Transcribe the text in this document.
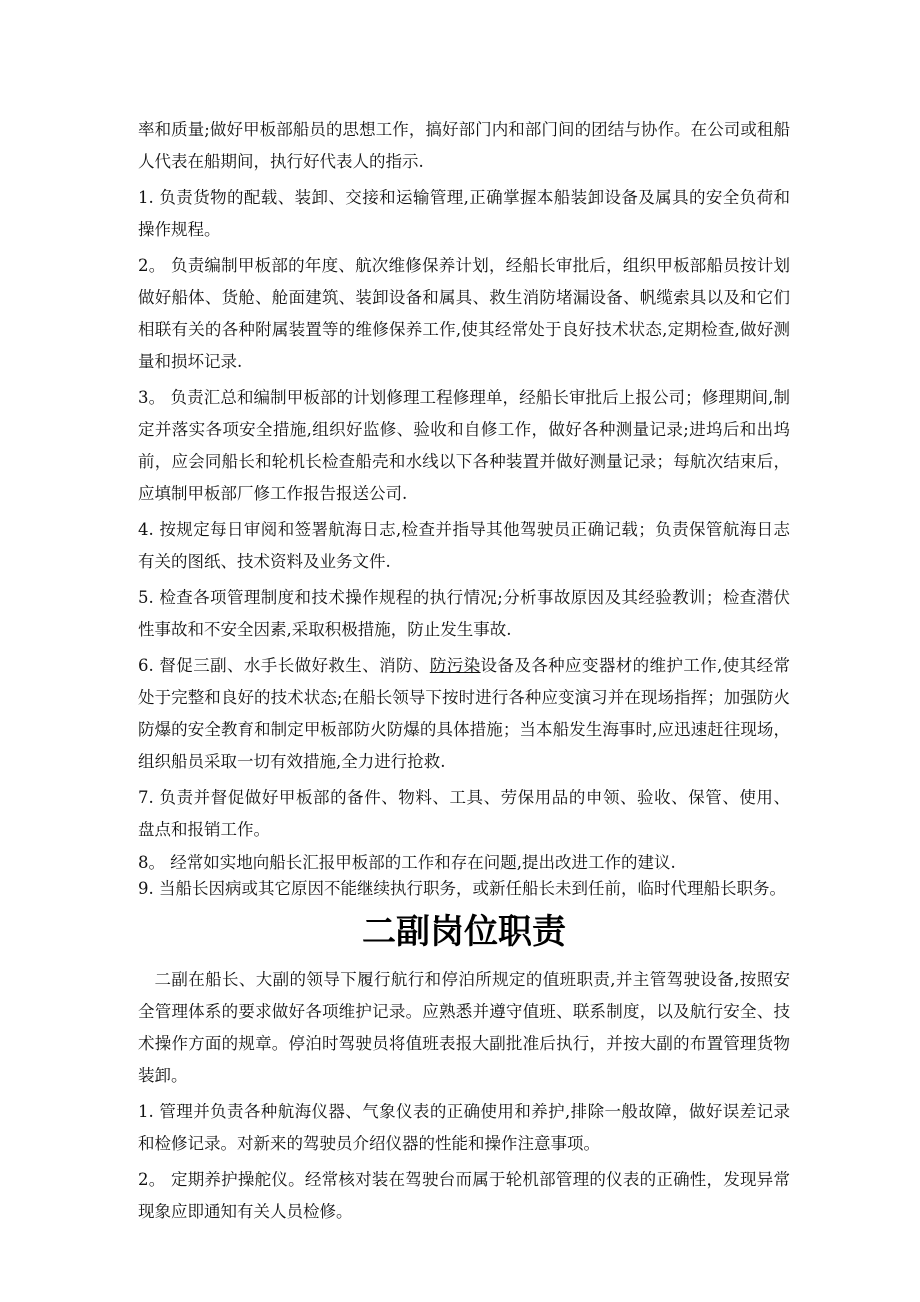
率和质量;做好甲板部船员的思想工作，搞好部门内和部门间的团结与协作。在公司或租船人代表在船期间，执行好代表人的指示.

1. 负责货物的配载、装卸、交接和运输管理,正确掌握本船装卸设备及属具的安全负荷和操作规程。

2。 负责编制甲板部的年度、航次维修保养计划，经船长审批后，组织甲板部船员按计划做好船体、货舱、舱面建筑、装卸设备和属具、救生消防堵漏设备、帆缆索具以及和它们相联有关的各种附属装置等的维修保养工作,使其经常处于良好技术状态,定期检查,做好测量和损坏记录.

3。 负责汇总和编制甲板部的计划修理工程修理单，经船长审批后上报公司；修理期间,制定并落实各项安全措施,组织好监修、验收和自修工作，做好各种测量记录;进坞后和出坞前，应会同船长和轮机长检查船壳和水线以下各种装置并做好测量记录；每航次结束后，应填制甲板部厂修工作报告报送公司.

4. 按规定每日审阅和签署航海日志,检查并指导其他驾驶员正确记载；负责保管航海日志有关的图纸、技术资料及业务文件.

5. 检查各项管理制度和技术操作规程的执行情况;分析事故原因及其经验教训；检查潜伏性事故和不安全因素,采取积极措施，防止发生事故.

6. 督促三副、水手长做好救生、消防、防污染设备及各种应变器材的维护工作,使其经常处于完整和良好的技术状态;在船长领导下按时进行各种应变演习并在现场指挥；加强防火防爆的安全教育和制定甲板部防火防爆的具体措施；当本船发生海事时,应迅速赶往现场，组织船员采取一切有效措施,全力进行抢救.

7. 负责并督促做好甲板部的备件、物料、工具、劳保用品的申领、验收、保管、使用、 盘点和报销工作。

8。 经常如实地向船长汇报甲板部的工作和存在问题,提出改进工作的建议.

9. 当船长因病或其它原因不能继续执行职务，或新任船长未到任前，临时代理船长职务。

二副岗位职责

二副在船长、大副的领导下履行航行和停泊所规定的值班职责,并主管驾驶设备,按照安全管理体系的要求做好各项维护记录。应熟悉并遵守值班、联系制度，以及航行安全、技术操作方面的规章。停泊时驾驶员将值班表报大副批准后执行，并按大副的布置管理货物装卸。

1. 管理并负责各种航海仪器、气象仪表的正确使用和养护,排除一般故障，做好误差记录和检修记录。对新来的驾驶员介绍仪器的性能和操作注意事项。

2。 定期养护操舵仪。经常核对装在驾驶台而属于轮机部管理的仪表的正确性，发现异常现象应即通知有关人员检修。
